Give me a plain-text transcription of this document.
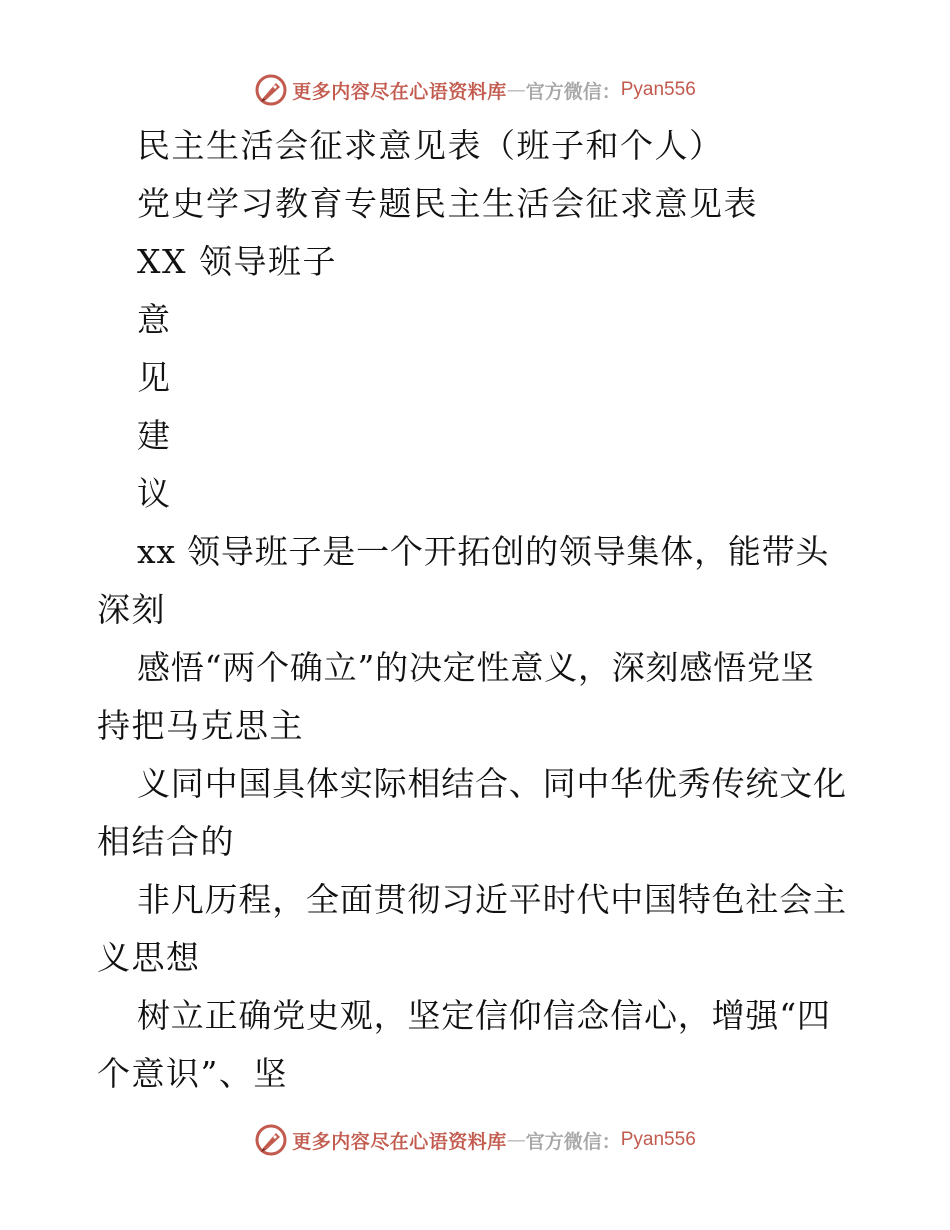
更多内容尽在心语资料库 — 官方微信： Pyan556
民主生活会征求意见表（班子和个人）
党史学习教育专题民主生活会征求意见表
XX 领导班子
意
见
建
议
xx 领导班子是一个开拓创的领导集体，能带头
深刻
感悟“两个确立”的决定性意义，深刻感悟党坚
持把马克思主
义同中国具体实际相结合、同中华优秀传统文化
相结合的
非凡历程，全面贯彻习近平时代中国特色社会主
义思想
树立正确党史观，坚定信仰信念信心，增强“四
个意识”、坚
更多内容尽在心语资料库 — 官方微信： Pyan556
